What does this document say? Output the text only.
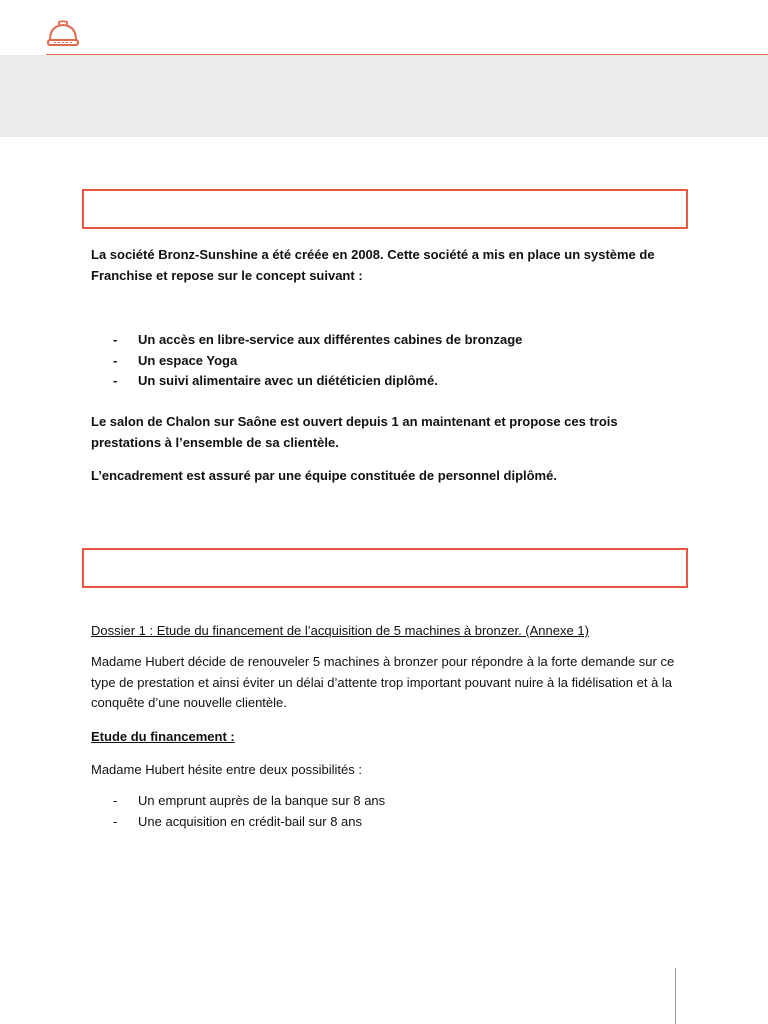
La société Bronz-Sunshine a été créée en 2008. Cette société a mis en place un système de Franchise et repose sur le concept suivant :

-	Un accès en libre-service aux différentes cabines de bronzage
-	Un espace Yoga
-	Un suivi alimentaire avec un diététicien diplômé.

Le salon de Chalon sur Saône est ouvert depuis 1 an maintenant et propose ces trois prestations à l’ensemble de sa clientèle.

L’encadrement est assuré par une équipe constituée de personnel diplômé.

Dossier 1 : Etude du financement de l’acquisition de 5 machines à bronzer. (Annexe 1)

Madame Hubert décide de renouveler 5 machines à bronzer pour répondre à la forte demande sur ce type de prestation et ainsi éviter un délai d’attente trop important pouvant nuire à la fidélisation et à la conquête d’une nouvelle clientèle.

Etude du financement :

Madame Hubert hésite entre deux possibilités :

-	Un emprunt auprès de la banque sur 8 ans
-	Une acquisition en crédit-bail sur 8 ans
